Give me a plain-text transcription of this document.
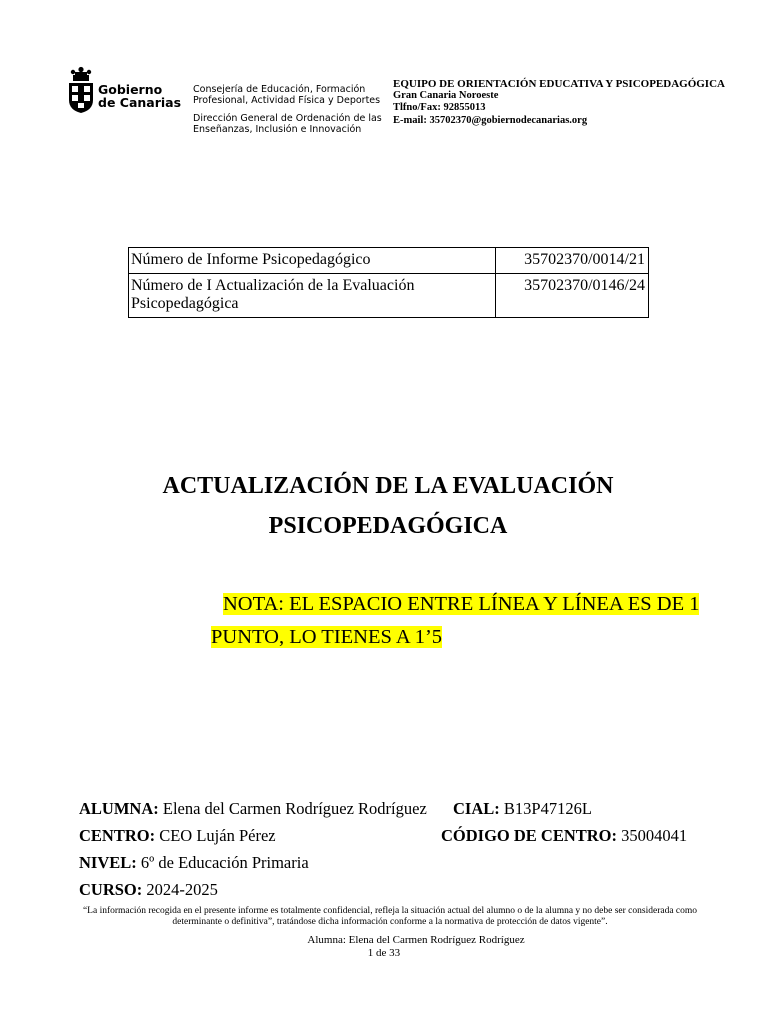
Gobierno
de Canarias
Consejería de Educación, Formación
Profesional, Actividad Física y Deportes
Dirección General de Ordenación de las
Enseñanzas, Inclusión e Innovación
EQUIPO DE ORIENTACIÓN EDUCATIVA Y PSICOPEDAGÓGICA
Gran Canaria Noroeste
Tlfno/Fax: 92855013
E-mail: 35702370@gobiernodecanarias.org
Número de Informe Psicopedagógico	35702370/0014/21
Número de I Actualización de la Evaluación Psicopedagógica	35702370/0146/24
ACTUALIZACIÓN DE LA EVALUACIÓN
PSICOPEDAGÓGICA
NOTA: EL ESPACIO ENTRE LÍNEA Y LÍNEA ES DE 1 PUNTO, LO TIENES A 1’5
ALUMNA: Elena del Carmen Rodríguez Rodríguez CIAL: B13P47126L
CENTRO: CEO Luján Pérez	CÓDIGO DE CENTRO: 35004041
NIVEL: 6º de Educación Primaria
CURSO: 2024-2025
“La información recogida en el presente informe es totalmente confidencial, refleja la situación actual del alumno o de la alumna y no debe ser considerada como determinante o definitiva”, tratándose dicha información conforme a la normativa de protección de datos vigente”.
Alumna: Elena del Carmen Rodríguez Rodríguez
1 de 33
